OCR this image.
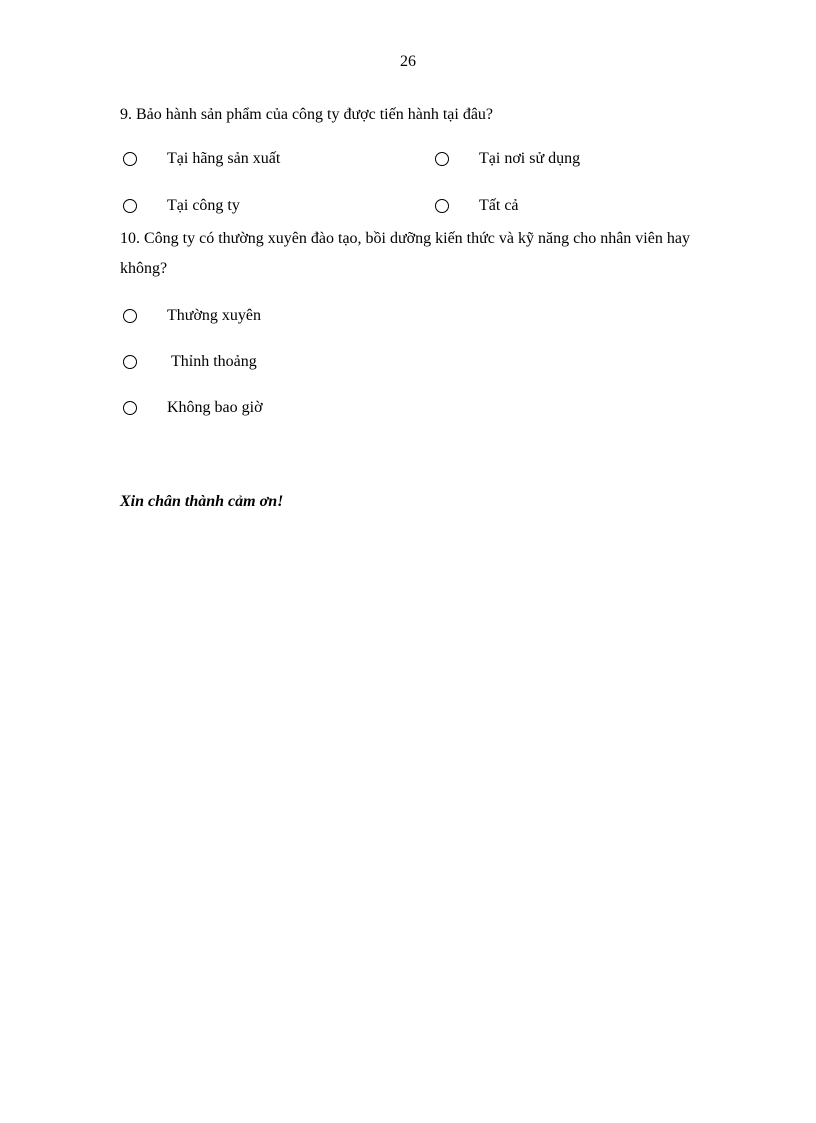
26

9. Bảo hành sản phẩm của công ty được tiến hành tại đâu?

Tại hãng sản xuất	Tại nơi sử dụng
Tại công ty	Tất cả

10. Công ty có thường xuyên đào tạo, bồi dưỡng kiến thức và kỹ năng cho nhân viên hay không?

Thường xuyên
Thỉnh thoảng
Không bao giờ
Xin chân thành cảm ơn!
